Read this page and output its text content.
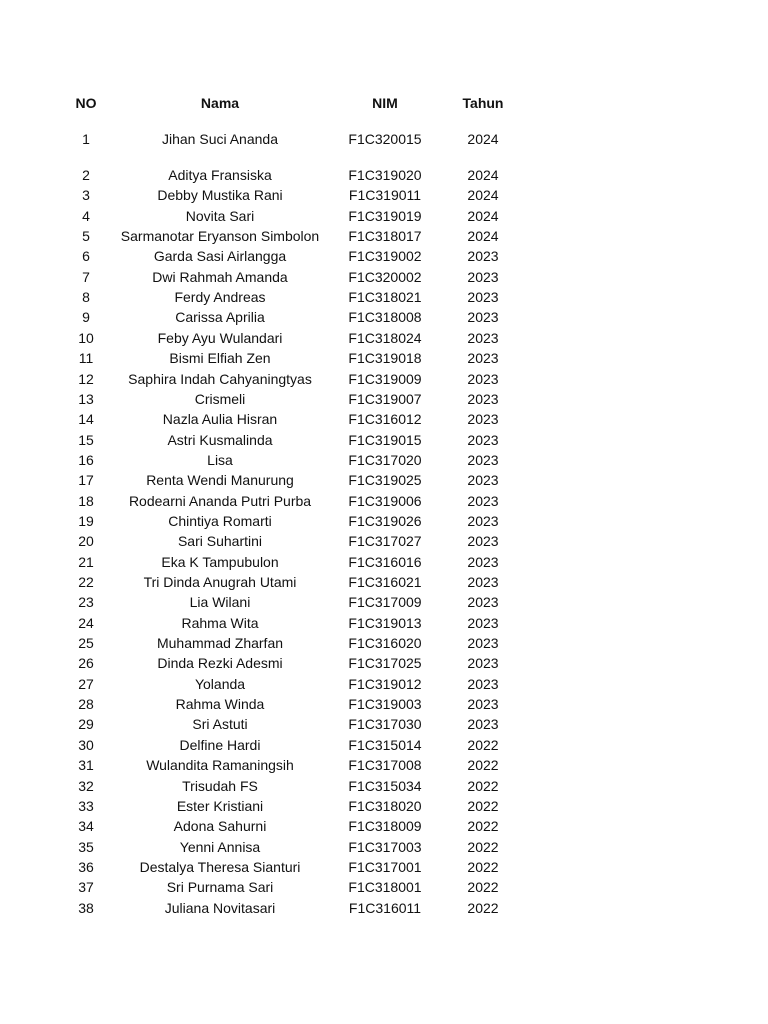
NO	Nama	NIM	Tahun
1	Jihan Suci Ananda	F1C320015	2024
2	Aditya Fransiska	F1C319020	2024
3	Debby Mustika Rani	F1C319011	2024
4	Novita Sari	F1C319019	2024
5	Sarmanotar Eryanson Simbolon	F1C318017	2024
6	Garda Sasi Airlangga	F1C319002	2023
7	Dwi Rahmah Amanda	F1C320002	2023
8	Ferdy Andreas	F1C318021	2023
9	Carissa Aprilia	F1C318008	2023
10	Feby Ayu Wulandari	F1C318024	2023
11	Bismi Elfiah Zen	F1C319018	2023
12	Saphira Indah Cahyaningtyas	F1C319009	2023
13	Crismeli	F1C319007	2023
14	Nazla Aulia Hisran	F1C316012	2023
15	Astri Kusmalinda	F1C319015	2023
16	Lisa	F1C317020	2023
17	Renta Wendi Manurung	F1C319025	2023
18	Rodearni Ananda Putri Purba	F1C319006	2023
19	Chintiya Romarti	F1C319026	2023
20	Sari Suhartini	F1C317027	2023
21	Eka K Tampubulon	F1C316016	2023
22	Tri Dinda Anugrah Utami	F1C316021	2023
23	Lia Wilani	F1C317009	2023
24	Rahma Wita	F1C319013	2023
25	Muhammad Zharfan	F1C316020	2023
26	Dinda Rezki Adesmi	F1C317025	2023
27	Yolanda	F1C319012	2023
28	Rahma Winda	F1C319003	2023
29	Sri Astuti	F1C317030	2023
30	Delfine Hardi	F1C315014	2022
31	Wulandita Ramaningsih	F1C317008	2022
32	Trisudah FS	F1C315034	2022
33	Ester Kristiani	F1C318020	2022
34	Adona Sahurni	F1C318009	2022
35	Yenni Annisa	F1C317003	2022
36	Destalya Theresa Sianturi	F1C317001	2022
37	Sri Purnama Sari	F1C318001	2022
38	Juliana Novitasari	F1C316011	2022
